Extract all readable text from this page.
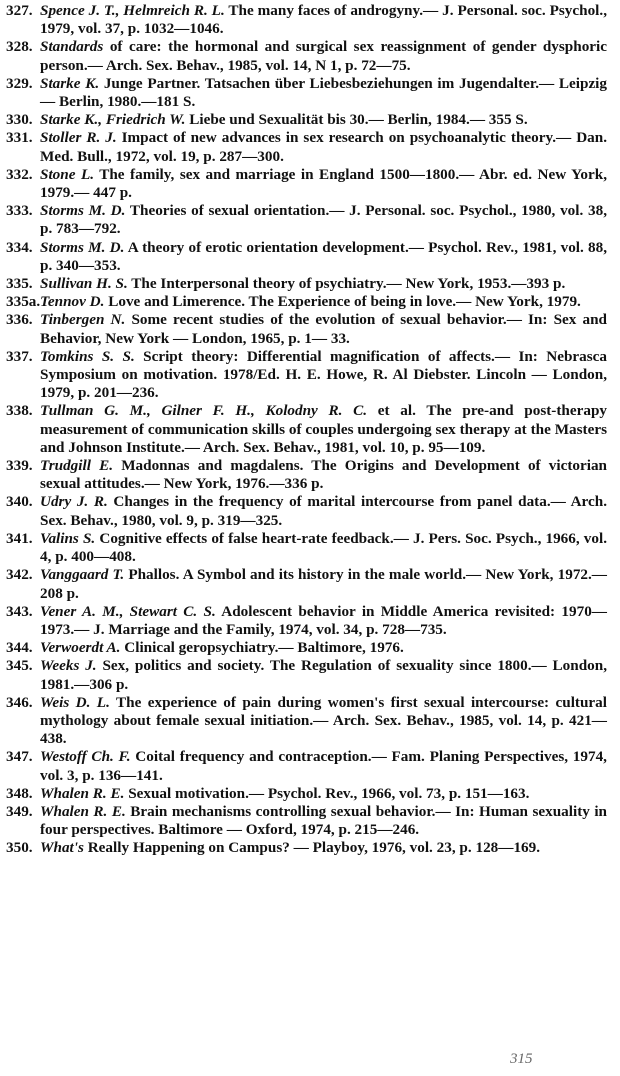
327. Spence J. T., Helmreich R. L. The many faces of androgyny.— J. Personal. soc. Psychol., 1979, vol. 37, p. 1032—1046.
328. Standards of care: the hormonal and surgical sex reassignment of gender dysphoric person.— Arch. Sex. Behav., 1985, vol. 14, N 1, p. 72—75.
329. Starke K. Junge Partner. Tatsachen über Liebesbeziehungen im Jugendalter.— Leipzig — Berlin, 1980.—181 S.
330. Starke K., Friedrich W. Liebe und Sexualität bis 30.— Berlin, 1984.— 355 S.
331. Stoller R. J. Impact of new advances in sex research on psychoanalytic theory.— Dan. Med. Bull., 1972, vol. 19, p. 287—300.
332. Stone L. The family, sex and marriage in England 1500—1800.— Abr. ed. New York, 1979.— 447 p.
333. Storms M. D. Theories of sexual orientation.— J. Personal. soc. Psychol., 1980, vol. 38, p. 783—792.
334. Storms M. D. A theory of erotic orientation development.— Psychol. Rev., 1981, vol. 88, p. 340—353.
335. Sullivan H. S. The Interpersonal theory of psychiatry.— New York, 1953.—393 p.
335a. Tennov D. Love and Limerence. The Experience of being in love.— New York, 1979.
336. Tinbergen N. Some recent studies of the evolution of sexual behavior.— In: Sex and Behavior, New York — London, 1965, p. 1— 33.
337. Tomkins S. S. Script theory: Differential magnification of affects.— In: Nebrasca Symposium on motivation. 1978/Ed. H. E. Howe, R. Al Diebster. Lincoln — London, 1979, p. 201—236.
338. Tullman G. M., Gilner F. H., Kolodny R. C. et al. The pre-and post-therapy measurement of communication skills of couples undergoing sex therapy at the Masters and Johnson Institute.— Arch. Sex. Behav., 1981, vol. 10, p. 95—109.
339. Trudgill E. Madonnas and magdalens. The Origins and Development of victorian sexual attitudes.— New York, 1976.—336 p.
340. Udry J. R. Changes in the frequency of marital intercourse from panel data.— Arch. Sex. Behav., 1980, vol. 9, p. 319—325.
341. Valins S. Cognitive effects of false heart-rate feedback.— J. Pers. Soc. Psych., 1966, vol. 4, p. 400—408.
342. Vanggaard T. Phallos. A Symbol and its history in the male world.— New York, 1972.—208 p.
343. Vener A. M., Stewart C. S. Adolescent behavior in Middle America revisited: 1970—1973.— J. Marriage and the Family, 1974, vol. 34, p. 728—735.
344. Verwoerdt A. Clinical geropsychiatry.— Baltimore, 1976.
345. Weeks J. Sex, politics and society. The Regulation of sexuality since 1800.— London, 1981.—306 p.
346. Weis D. L. The experience of pain during women's first sexual intercourse: cultural mythology about female sexual initiation.— Arch. Sex. Behav., 1985, vol. 14, p. 421—438.
347. Westoff Ch. F. Coital frequency and contraception.— Fam. Planing Perspectives, 1974, vol. 3, p. 136—141.
348. Whalen R. E. Sexual motivation.— Psychol. Rev., 1966, vol. 73, p. 151—163.
349. Whalen R. E. Brain mechanisms controlling sexual behavior.— In: Human sexuality in four perspectives. Baltimore — Oxford, 1974, p. 215—246.
350. What's Really Happening on Campus? — Playboy, 1976, vol. 23, p. 128—169.
315
